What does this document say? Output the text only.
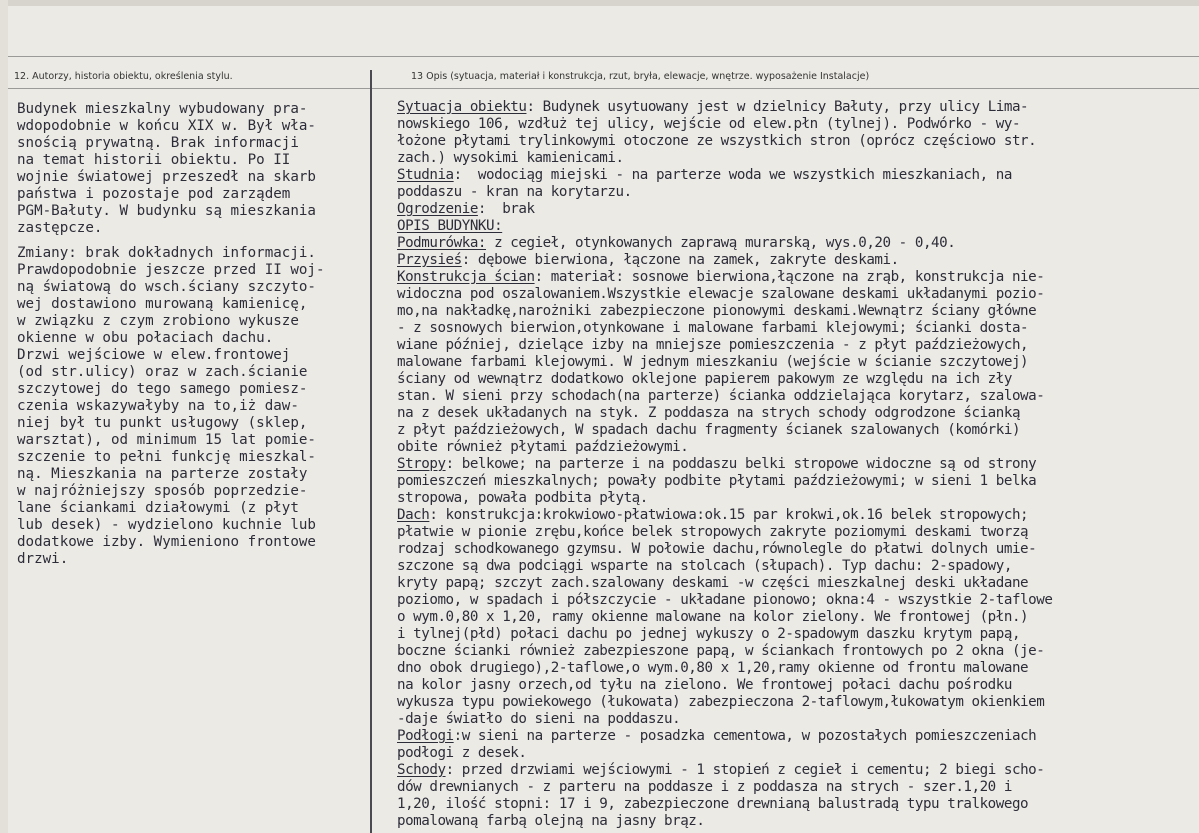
12. Autorzy, historia obiektu, określenia stylu.	13 Opis (sytuacja, materiał i konstrukcja, rzut, bryła, elewacje, wnętrze. wyposażenie Instalacje)

Budynek mieszkalny wybudowany pra-

wdopodobnie w końcu XIX w. Był wła-

snością prywatną. Brak informacji

na temat historii obiektu. Po II

wojnie światowej przeszedł na skarb

państwa i pozostaje pod zarządem

PGM-Bałuty. W budynku są mieszkania

zastępcze.

Zmiany: brak dokładnych informacji.

Prawdopodobnie jeszcze przed II woj-

ną światową do wsch.ściany szczyto-

wej dostawiono murowaną kamienicę,

w związku z czym zrobiono wykusze

okienne w obu połaciach dachu.

Drzwi wejściowe w elew.frontowej

(od str.ulicy) oraz w zach.ścianie

szczytowej do tego samego pomiesz-

czenia wskazywałyby na to,iż daw-

niej był tu punkt usługowy (sklep,

warsztat), od minimum 15 lat pomie-

szczenie to pełni funkcję mieszkal-

ną. Mieszkania na parterze zostały

w najróżniejszy sposób poprzedzie-

lane ściankami działowymi (z płyt

lub desek) - wydzielono kuchnie lub

dodatkowe izby. Wymieniono frontowe

drzwi.

Sytuacja obiektu: Budynek usytuowany jest w dzielnicy Bałuty, przy ulicy Lima-

nowskiego 106, wzdłuż tej ulicy, wejście od elew.płn (tylnej). Podwórko - wy-

łożone płytami trylinkowymi otoczone ze wszystkich stron (oprócz częściowo str.

zach.) wysokimi kamienicami.

Studnia:  wodociąg miejski - na parterze woda we wszystkich mieszkaniach, na

poddaszu - kran na korytarzu.

Ogrodzenie:  brak

OPIS BUDYNKU:

Podmurówka: z cegieł, otynkowanych zaprawą murarską, wys.0,20 - 0,40.

Przysieś: dębowe bierwiona, łączone na zamek, zakryte deskami.

Konstrukcja ścian: materiał: sosnowe bierwiona,łączone na zrąb, konstrukcja nie-

widoczna pod oszalowaniem.Wszystkie elewacje szalowane deskami układanymi pozio-

mo,na nakładkę,narożniki zabezpieczone pionowymi deskami.Wewnątrz ściany główne

- z sosnowych bierwion,otynkowane i malowane farbami klejowymi; ścianki dosta-

wiane później, dzielące izby na mniejsze pomieszczenia - z płyt paździeżowych,

malowane farbami klejowymi. W jednym mieszkaniu (wejście w ścianie szczytowej)

ściany od wewnątrz dodatkowo oklejone papierem pakowym ze względu na ich zły

stan. W sieni przy schodach(na parterze) ścianka oddzielająca korytarz, szalowa-

na z desek układanych na styk. Z poddasza na strych schody odgrodzone ścianką

z płyt paździeżowych, W spadach dachu fragmenty ścianek szalowanych (komórki)

obite również płytami paździeżowymi.

Stropy: belkowe; na parterze i na poddaszu belki stropowe widoczne są od strony

pomieszczeń mieszkalnych; powały podbite płytami paździeżowymi; w sieni 1 belka

stropowa, powała podbita płytą.

Dach: konstrukcja:krokwiowo-płatwiowa:ok.15 par krokwi,ok.16 belek stropowych;

płatwie w pionie zrębu,końce belek stropowych zakryte poziomymi deskami tworzą

rodzaj schodkowanego gzymsu. W połowie dachu,równolegle do płatwi dolnych umie-

szczone są dwa podciągi wsparte na stolcach (słupach). Typ dachu: 2-spadowy,

kryty papą; szczyt zach.szalowany deskami -w części mieszkalnej deski układane

poziomo, w spadach i półszczycie - układane pionowo; okna:4 - wszystkie 2-taflowe

o wym.0,80 x 1,20, ramy okienne malowane na kolor zielony. We frontowej (płn.)

i tylnej(płd) połaci dachu po jednej wykuszy o 2-spadowym daszku krytym papą,

boczne ścianki również zabezpieszone papą, w ściankach frontowych po 2 okna (je-

dno obok drugiego),2-taflowe,o wym.0,80 x 1,20,ramy okienne od frontu malowane

na kolor jasny orzech,od tyłu na zielono. We frontowej połaci dachu pośrodku

wykusza typu powiekowego (łukowata) zabezpieczona 2-taflowym,łukowatym okienkiem

-daje światło do sieni na poddaszu.

Podłogi:w sieni na parterze - posadzka cementowa, w pozostałych pomieszczeniach

podłogi z desek.

Schody: przed drzwiami wejściowymi - 1 stopień z cegieł i cementu; 2 biegi scho-

dów drewnianych - z parteru na poddasze i z poddasza na strych - szer.1,20 i

1,20, ilość stopni: 17 i 9, zabezpieczone drewnianą balustradą typu tralkowego

pomalowaną farbą olejną na jasny brąz.
